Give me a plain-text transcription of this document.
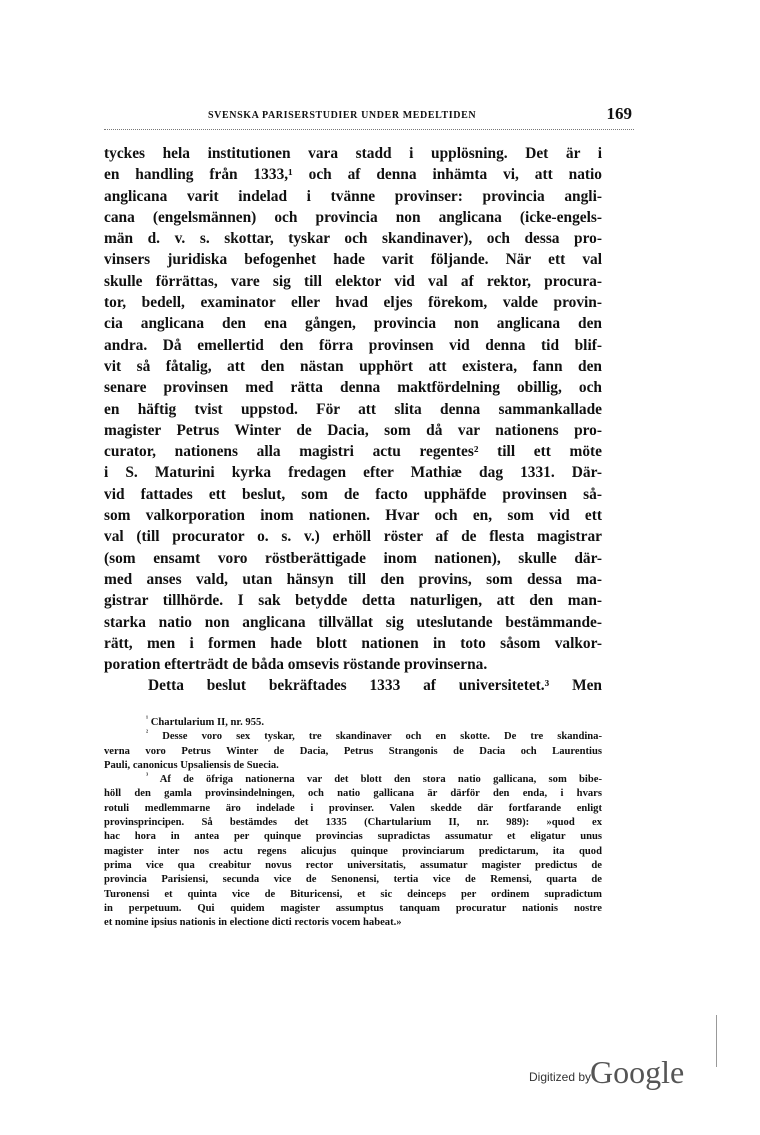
SVENSKA PARISERSTUDIER UNDER MEDELTIDEN	169
tyckes hela institutionen vara stadd i upplösning. Det är i
en handling från 1333,¹ och af denna inhämta vi, att natio
anglicana varit indelad i tvänne provinser: provincia angli-
cana (engelsmännen) och provincia non anglicana (icke-engels-
män d. v. s. skottar, tyskar och skandinaver), och dessa pro-
vinsers juridiska befogenhet hade varit följande. När ett val
skulle förrättas, vare sig till elektor vid val af rektor, procura-
tor, bedell, examinator eller hvad eljes förekom, valde provin-
cia anglicana den ena gången, provincia non anglicana den
andra. Då emellertid den förra provinsen vid denna tid blif-
vit så fåtalig, att den nästan upphört att existera, fann den
senare provinsen med rätta denna maktfördelning obillig, och
en häftig tvist uppstod. För att slita denna sammankallade
magister Petrus Winter de Dacia, som då var nationens pro-
curator, nationens alla magistri actu regentes² till ett möte
i S. Maturini kyrka fredagen efter Mathiæ dag 1331. Där-
vid fattades ett beslut, som de facto upphäfde provinsen så-
som valkorporation inom nationen. Hvar och en, som vid ett
val (till procurator o. s. v.) erhöll röster af de flesta magistrar
(som ensamt voro röstberättigade inom nationen), skulle där-
med anses vald, utan hänsyn till den provins, som dessa ma-
gistrar tillhörde. I sak betydde detta naturligen, att den man-
starka natio non anglicana tillvällat sig uteslutande bestämmande-
rätt, men i formen hade blott nationen in toto såsom valkor-
poration efterträdt de båda omsevis röstande provinserna.
Detta beslut bekräftades 1333 af universitetet.³ Men
$^{^1}$ Chartularium II, nr. 955.
$^{^2}$ Desse voro sex tyskar, tre skandinaver och en skotte. De tre skandina-
verna voro Petrus Winter de Dacia, Petrus Strangonis de Dacia och Laurentius
Pauli, canonicus Upsaliensis de Suecia.
$^{^3}$ Af de öfriga nationerna var det blott den stora natio gallicana, som bibe-
höll den gamla provinsindelningen, och natio gallicana är därför den enda, i hvars
rotuli medlemmarne äro indelade i provinser. Valen skedde där fortfarande enligt
provinsprincipen. Så bestämdes det 1335 (Chartularium II, nr. 989): »quod ex
hac hora in antea per quinque provincias supradictas assumatur et eligatur unus
magister inter nos actu regens alicujus quinque provinciarum predictarum, ita quod
prima vice qua creabitur novus rector universitatis, assumatur magister predictus de
provincia Parisiensi, secunda vice de Senonensi, tertia vice de Remensi, quarta de
Turonensi et quinta vice de Bituricensi, et sic deinceps per ordinem supradictum
in perpetuum. Qui quidem magister assumptus tanquam procuratur nationis nostre
et nomine ipsius nationis in electione dicti rectoris vocem habeat.»
Digitized by
Google
